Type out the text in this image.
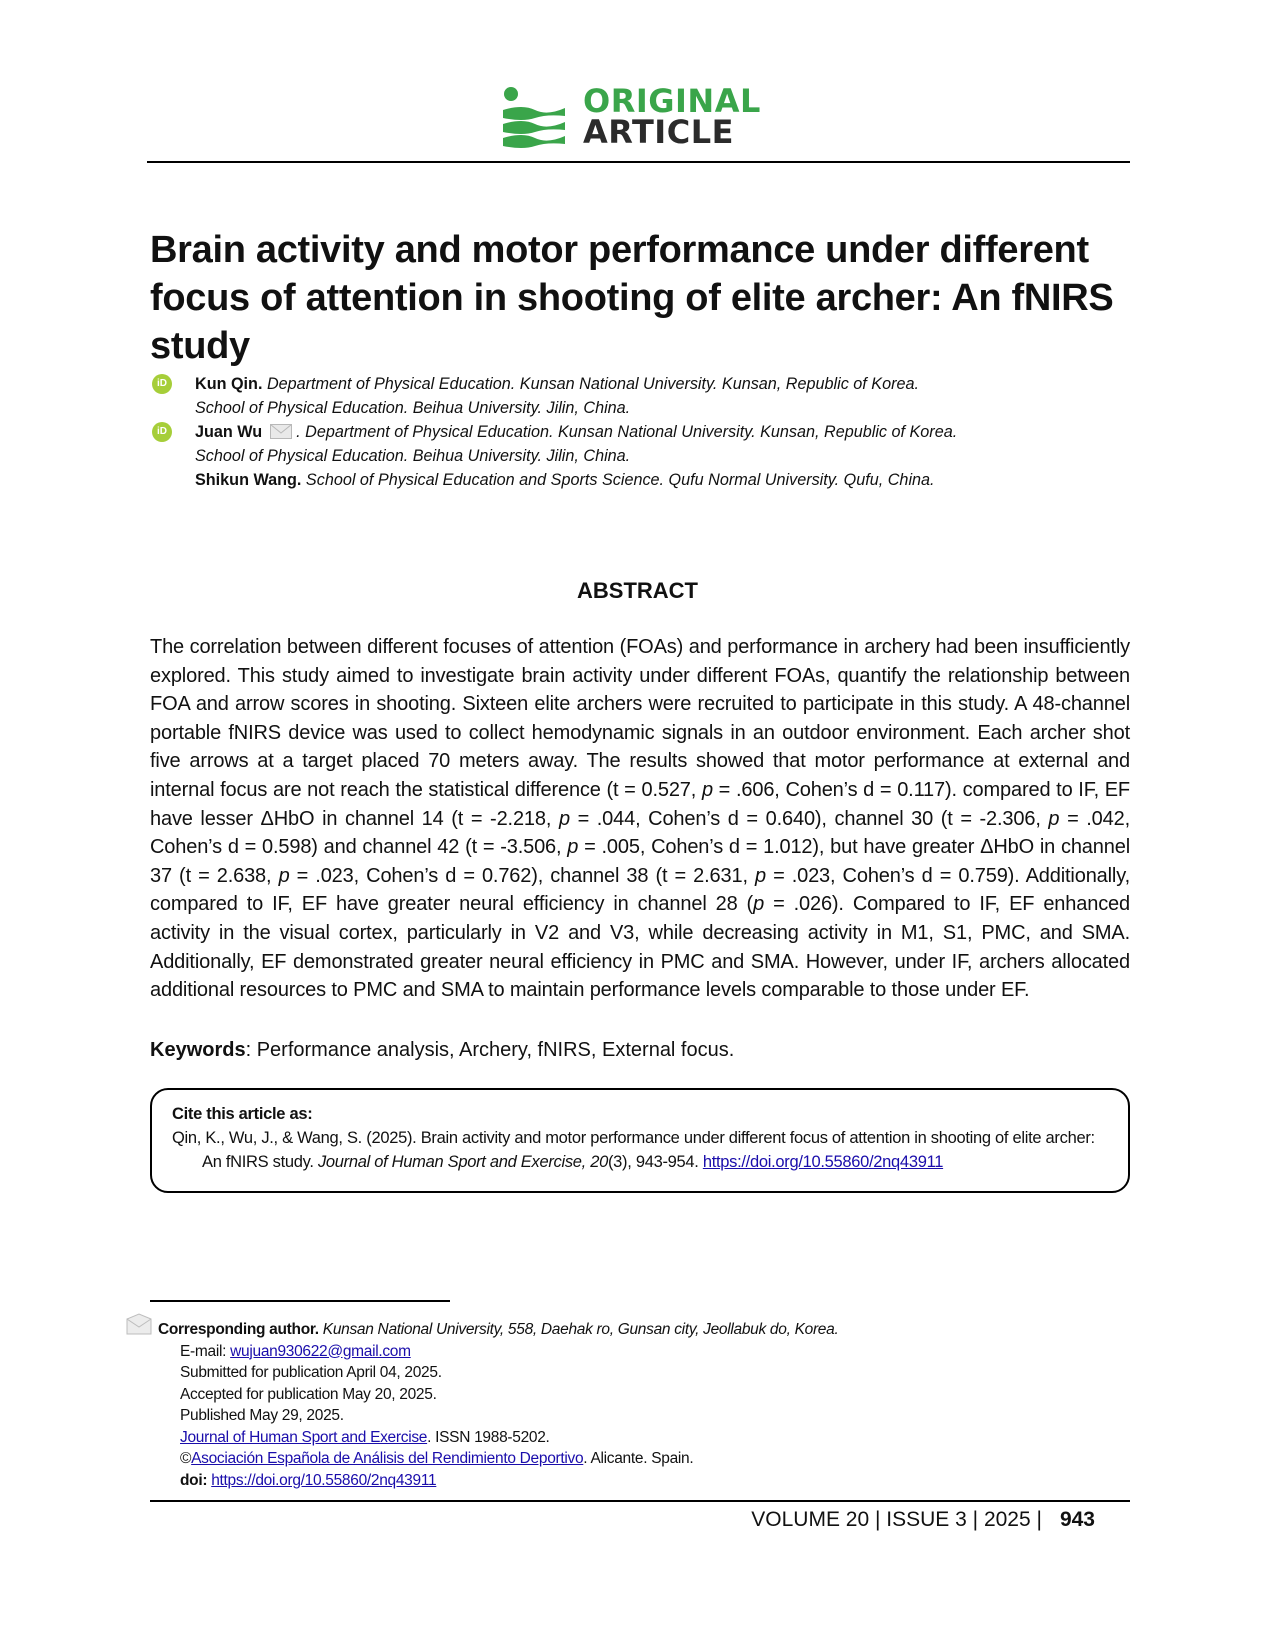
ORIGINAL
ARTICLE
Brain activity and motor performance under different focus of attention in shooting of elite archer: An fNIRS study
iD	Kun Qin. Department of Physical Education. Kunsan National University. Kunsan, Republic of Korea.
School of Physical Education. Beihua University. Jilin, China.
iD	Juan Wu . Department of Physical Education. Kunsan National University. Kunsan, Republic of Korea.
School of Physical Education. Beihua University. Jilin, China.
Shikun Wang. School of Physical Education and Sports Science. Qufu Normal University. Qufu, China.
ABSTRACT

The correlation between different focuses of attention (FOAs) and performance in archery had been insufficiently explored. This study aimed to investigate brain activity under different FOAs, quantify the relationship between FOA and arrow scores in shooting. Sixteen elite archers were recruited to participate in this study. A 48-channel portable fNIRS device was used to collect hemodynamic signals in an outdoor environment. Each archer shot five arrows at a target placed 70 meters away. The results showed that motor performance at external and internal focus are not reach the statistical difference (t = 0.527, p = .606, Cohen’s d = 0.117). compared to IF, EF have lesser ΔHbO in channel 14 (t = -2.218, p = .044, Cohen’s d = 0.640), channel 30 (t = -2.306, p = .042, Cohen’s d = 0.598) and channel 42 (t = -3.506, p = .005, Cohen’s d = 1.012), but have greater ΔHbO in channel 37 (t = 2.638, p = .023, Cohen’s d = 0.762), channel 38 (t = 2.631, p = .023, Cohen’s d = 0.759). Additionally, compared to IF, EF have greater neural efficiency in channel 28 (p = .026). Compared to IF, EF enhanced activity in the visual cortex, particularly in V2 and V3, while decreasing activity in M1, S1, PMC, and SMA. Additionally, EF demonstrated greater neural efficiency in PMC and SMA. However, under IF, archers allocated additional resources to PMC and SMA to maintain performance levels comparable to those under EF.

Keywords: Performance analysis, Archery, fNIRS, External focus.

Cite this article as:
Qin, K., Wu, J., & Wang, S. (2025). Brain activity and motor performance under different focus of attention in shooting of elite archer: An fNIRS study. Journal of Human Sport and Exercise, 20(3), 943-954. https://doi.org/10.55860/2nq43911
Corresponding author. Kunsan National University, 558, Daehak ro, Gunsan city, Jeollabuk do, Korea.
E-mail: wujuan930622@gmail.com
Submitted for publication April 04, 2025.
Accepted for publication May 20, 2025.
Published May 29, 2025.
Journal of Human Sport and Exercise. ISSN 1988-5202.
©Asociación Española de Análisis del Rendimiento Deportivo. Alicante. Spain.
doi: https://doi.org/10.55860/2nq43911
VOLUME 20 | ISSUE 3 | 2025 | 943
